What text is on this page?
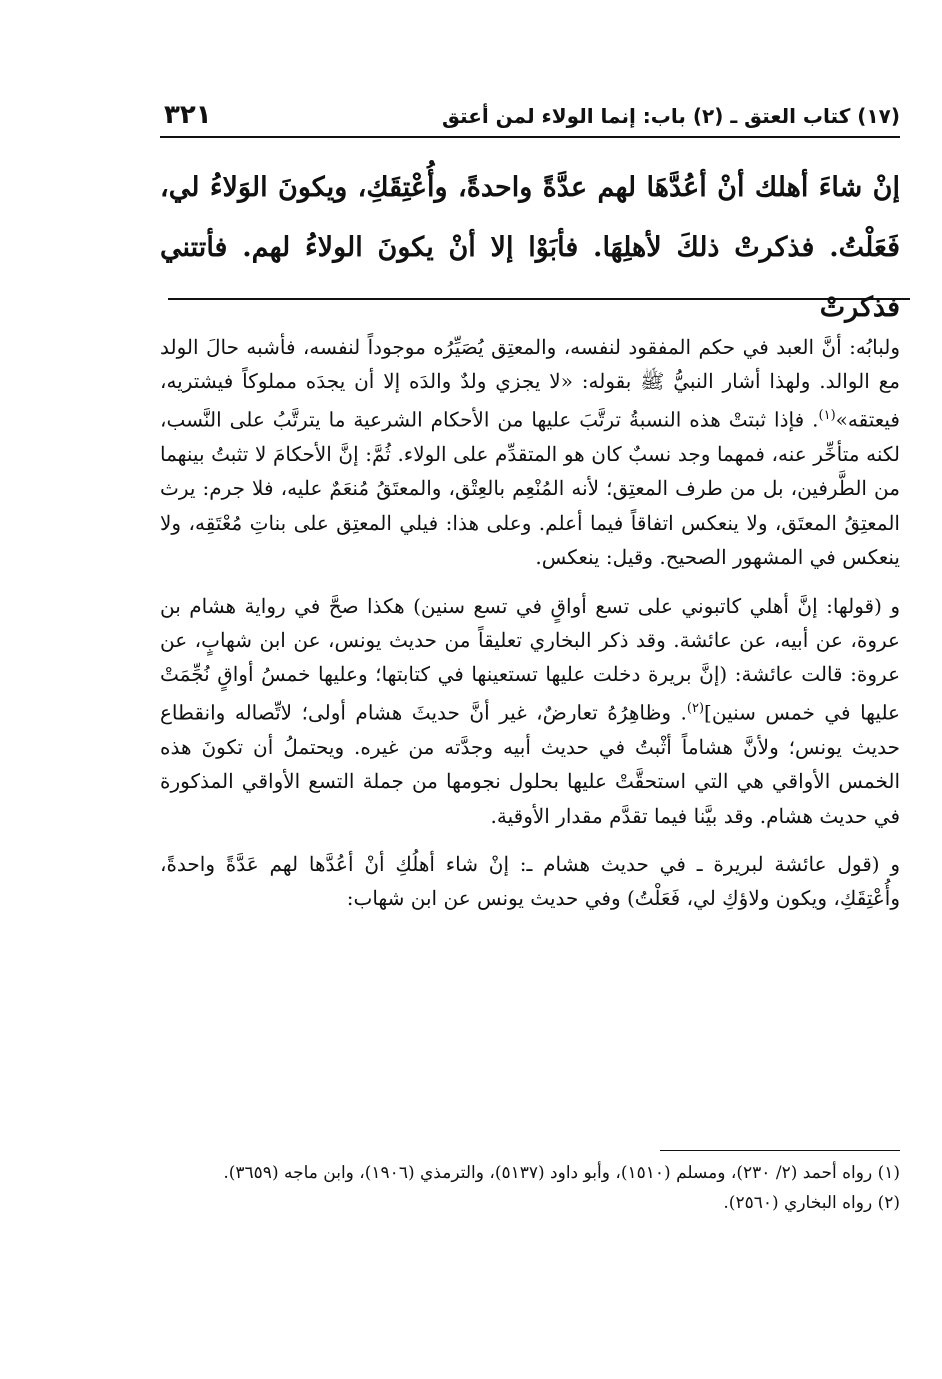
(١٧) كتاب العتق ـ (٢) باب: إنما الولاء لمن أعتق
٣٢١
إنْ شاءَ أهلك أنْ أعُدَّهَا لهم عدَّةً واحدةً، وأُعْتِقَكِ، ويكونَ الوَلاءُ لي، فَعَلْتُ. فذكرتْ ذلكَ لأهلِهَا. فأبَوْا إلا أنْ يكونَ الولاءُ لهم. فأتتني فذكرتْ

ولبابُه: أنَّ العبد في حكم المفقود لنفسه، والمعتِق يُصَيِّرُه موجوداً لنفسه، فأشبه حالَ الولد مع الوالد. ولهذا أشار النبيُّ ﷺ بقوله: «لا يجزي ولدٌ والدَه إلا أن يجدَه مملوكاً فيشتريه، فيعتقه»$^{(١)}$. فإذا ثبتتْ هذه النسبةُ ترتَّبَ عليها من الأحكام الشرعية ما يترتَّبُ على النَّسب، لكنه متأخِّر عنه، فمهما وجد نسبٌ كان هو المتقدِّم على الولاء. ثُمَّ: إنَّ الأحكامَ لا تثبتُ بينهما من الطَّرفين، بل من طرف المعتِق؛ لأنه المُنْعِم بالعِتْق، والمعتَقُ مُنعَمٌ عليه، فلا جرم: يرث المعتِقُ المعتَق، ولا ينعكس اتفاقاً فيما أعلم. وعلى هذا: فيلي المعتِق على بناتِ مُعْتَقِه، ولا ينعكس في المشهور الصحيح. وقيل: ينعكس.

و (قولها: إنَّ أهلي كاتبوني على تسع أواقٍ في تسع سنين) هكذا صحَّ في رواية هشام بن عروة، عن أبيه، عن عائشة. وقد ذكر البخاري تعليقاً من حديث يونس، عن ابن شهابٍ، عن عروة: قالت عائشة: (إنَّ بريرة دخلت عليها تستعينها في كتابتها؛ وعليها خمسُ أواقٍ نُجِّمَتْ عليها في خمس سنين]$^{(٢)}$. وظاهِرُهُ تعارضٌ، غير أنَّ حديثَ هشام أولى؛ لاتِّصاله وانقطاع حديث يونس؛ ولأنَّ هشاماً أثْبتُ في حديث أبيه وجدَّته من غيره. ويحتملُ أن تكونَ هذه الخمس الأواقي هي التي استحقَّتْ عليها بحلول نجومها من جملة التسع الأواقي المذكورة في حديث هشام. وقد بيَّنا فيما تقدَّم مقدار الأوقية.

و (قول عائشة لبريرة ـ في حديث هشام ـ: إنْ شاء أهلُكِ أنْ أعُدَّها لهم عَدَّةً واحدةً، وأُعْتِقَكِ، ويكون ولاؤكِ لي، فَعَلْتُ) وفي حديث يونس عن ابن شهاب:

(١) رواه أحمد (٢/ ٢٣٠)، ومسلم (١٥١٠)، وأبو داود (٥١٣٧)، والترمذي (١٩٠٦)، وابن ماجه (٣٦٥٩).

(٢) رواه البخاري (٢٥٦٠).
